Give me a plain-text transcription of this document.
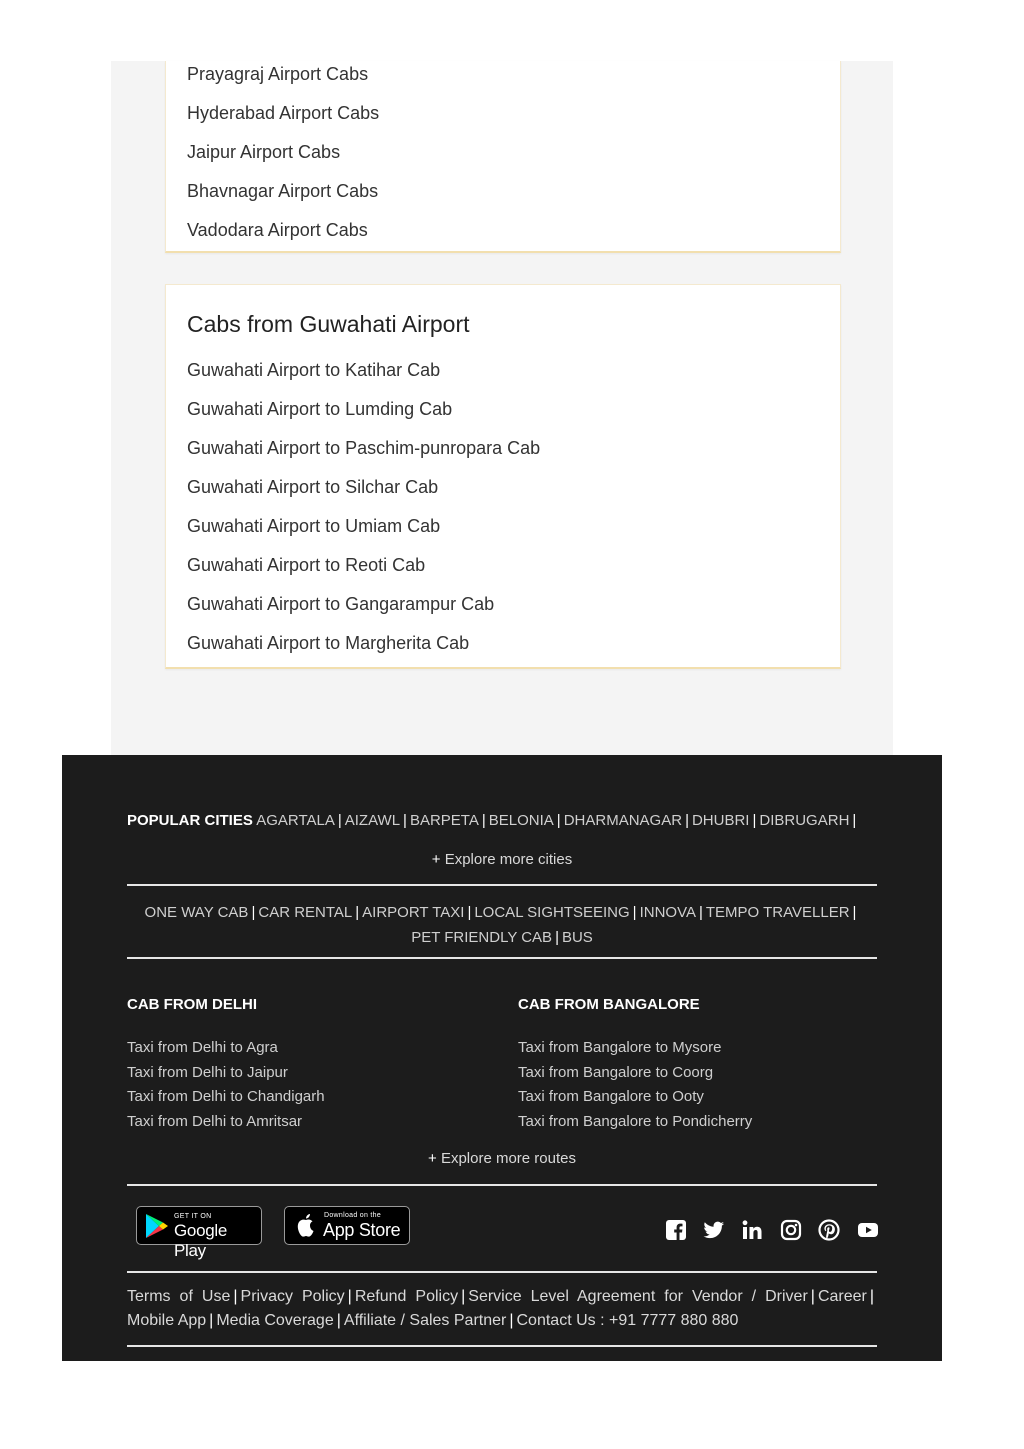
Prayagraj Airport Cabs
Hyderabad Airport Cabs
Jaipur Airport Cabs
Bhavnagar Airport Cabs
Vadodara Airport Cabs
Cabs from Guwahati Airport
Guwahati Airport to Katihar Cab
Guwahati Airport to Lumding Cab
Guwahati Airport to Paschim-punropara Cab
Guwahati Airport to Silchar Cab
Guwahati Airport to Umiam Cab
Guwahati Airport to Reoti Cab
Guwahati Airport to Gangarampur Cab
Guwahati Airport to Margherita Cab
POPULAR CITIES AGARTALA | AIZAWL | BARPETA | BELONIA | DHARMANAGAR | DHUBRI | DIBRUGARH |
+ Explore more cities
ONE WAY CAB | CAR RENTAL | AIRPORT TAXI | LOCAL SIGHTSEEING | INNOVA | TEMPO TRAVELLER |
PET FRIENDLY CAB | BUS
CAB FROM DELHI
Taxi from Delhi to Agra
Taxi from Delhi to Jaipur
Taxi from Delhi to Chandigarh
Taxi from Delhi to Amritsar
CAB FROM BANGALORE
Taxi from Bangalore to Mysore
Taxi from Bangalore to Coorg
Taxi from Bangalore to Ooty
Taxi from Bangalore to Pondicherry
+ Explore more routes
GET IT ON
Google Play
Download on the
App Store
Terms of Use | Privacy Policy | Refund Policy | Service Level Agreement for Vendor / Driver | Career | Mobile App | Media Coverage | Affiliate / Sales Partner | Contact Us : +91 7777 880 880
